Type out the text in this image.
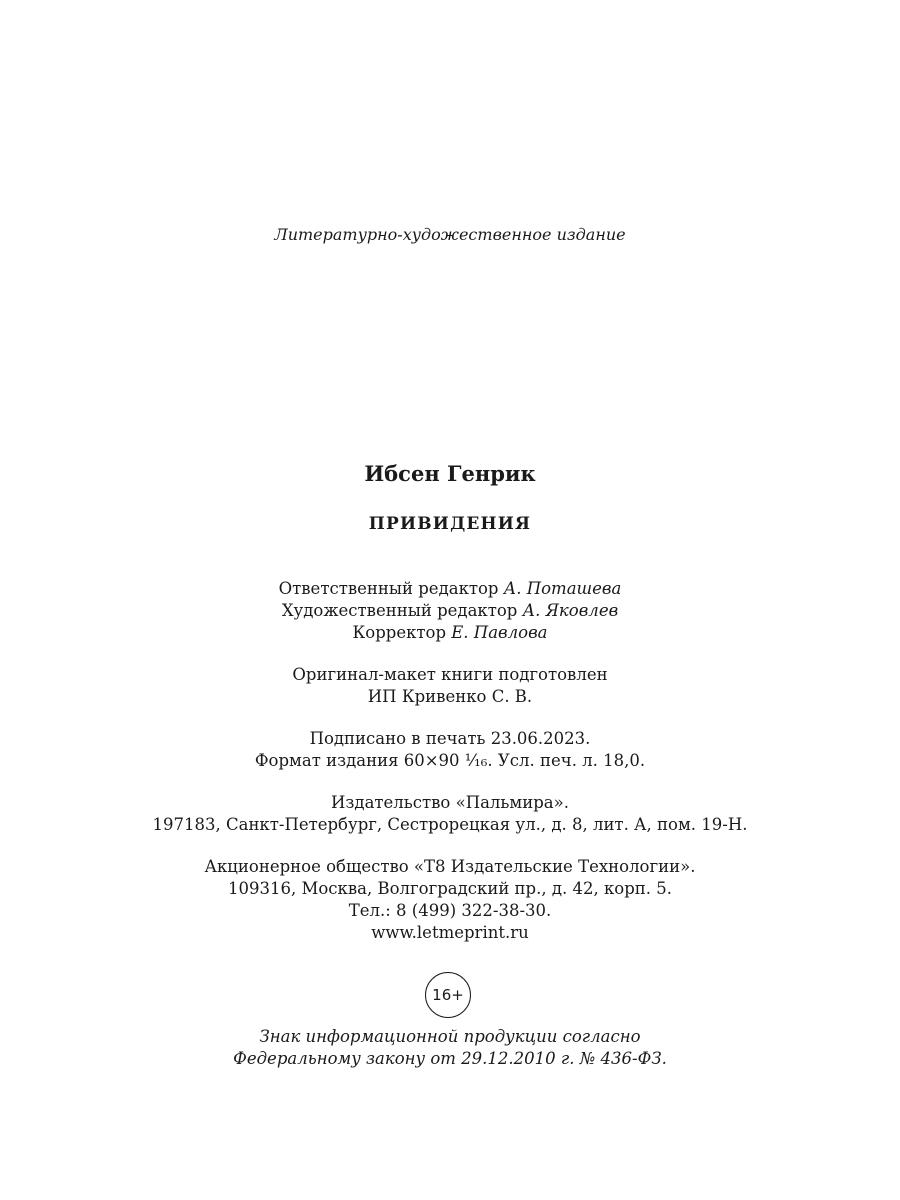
Литературно-художественное издание
Ибсен Генрик
ПРИВИДЕНИЯ
Ответственный редактор А. Поташева
Художественный редактор А. Яковлев
Корректор Е. Павлова
Оригинал-макет книги подготовлен
ИП Кривенко С. В.
Подписано в печать 23.06.2023.
Формат издания 60×90 ¹⁄₁₆. Усл. печ. л. 18,0.
Издательство «Пальмира».
197183, Санкт-Петербург, Сестрорецкая ул., д. 8, лит. А, пом. 19-Н.
Акционерное общество «T8 Издательские Технологии».
109316, Москва, Волгоградский пр., д. 42, корп. 5.
Тел.: 8 (499) 322-38-30.
www.letmeprint.ru
16+
Знак информационной продукции согласно
Федеральному закону от 29.12.2010 г. № 436-ФЗ.
